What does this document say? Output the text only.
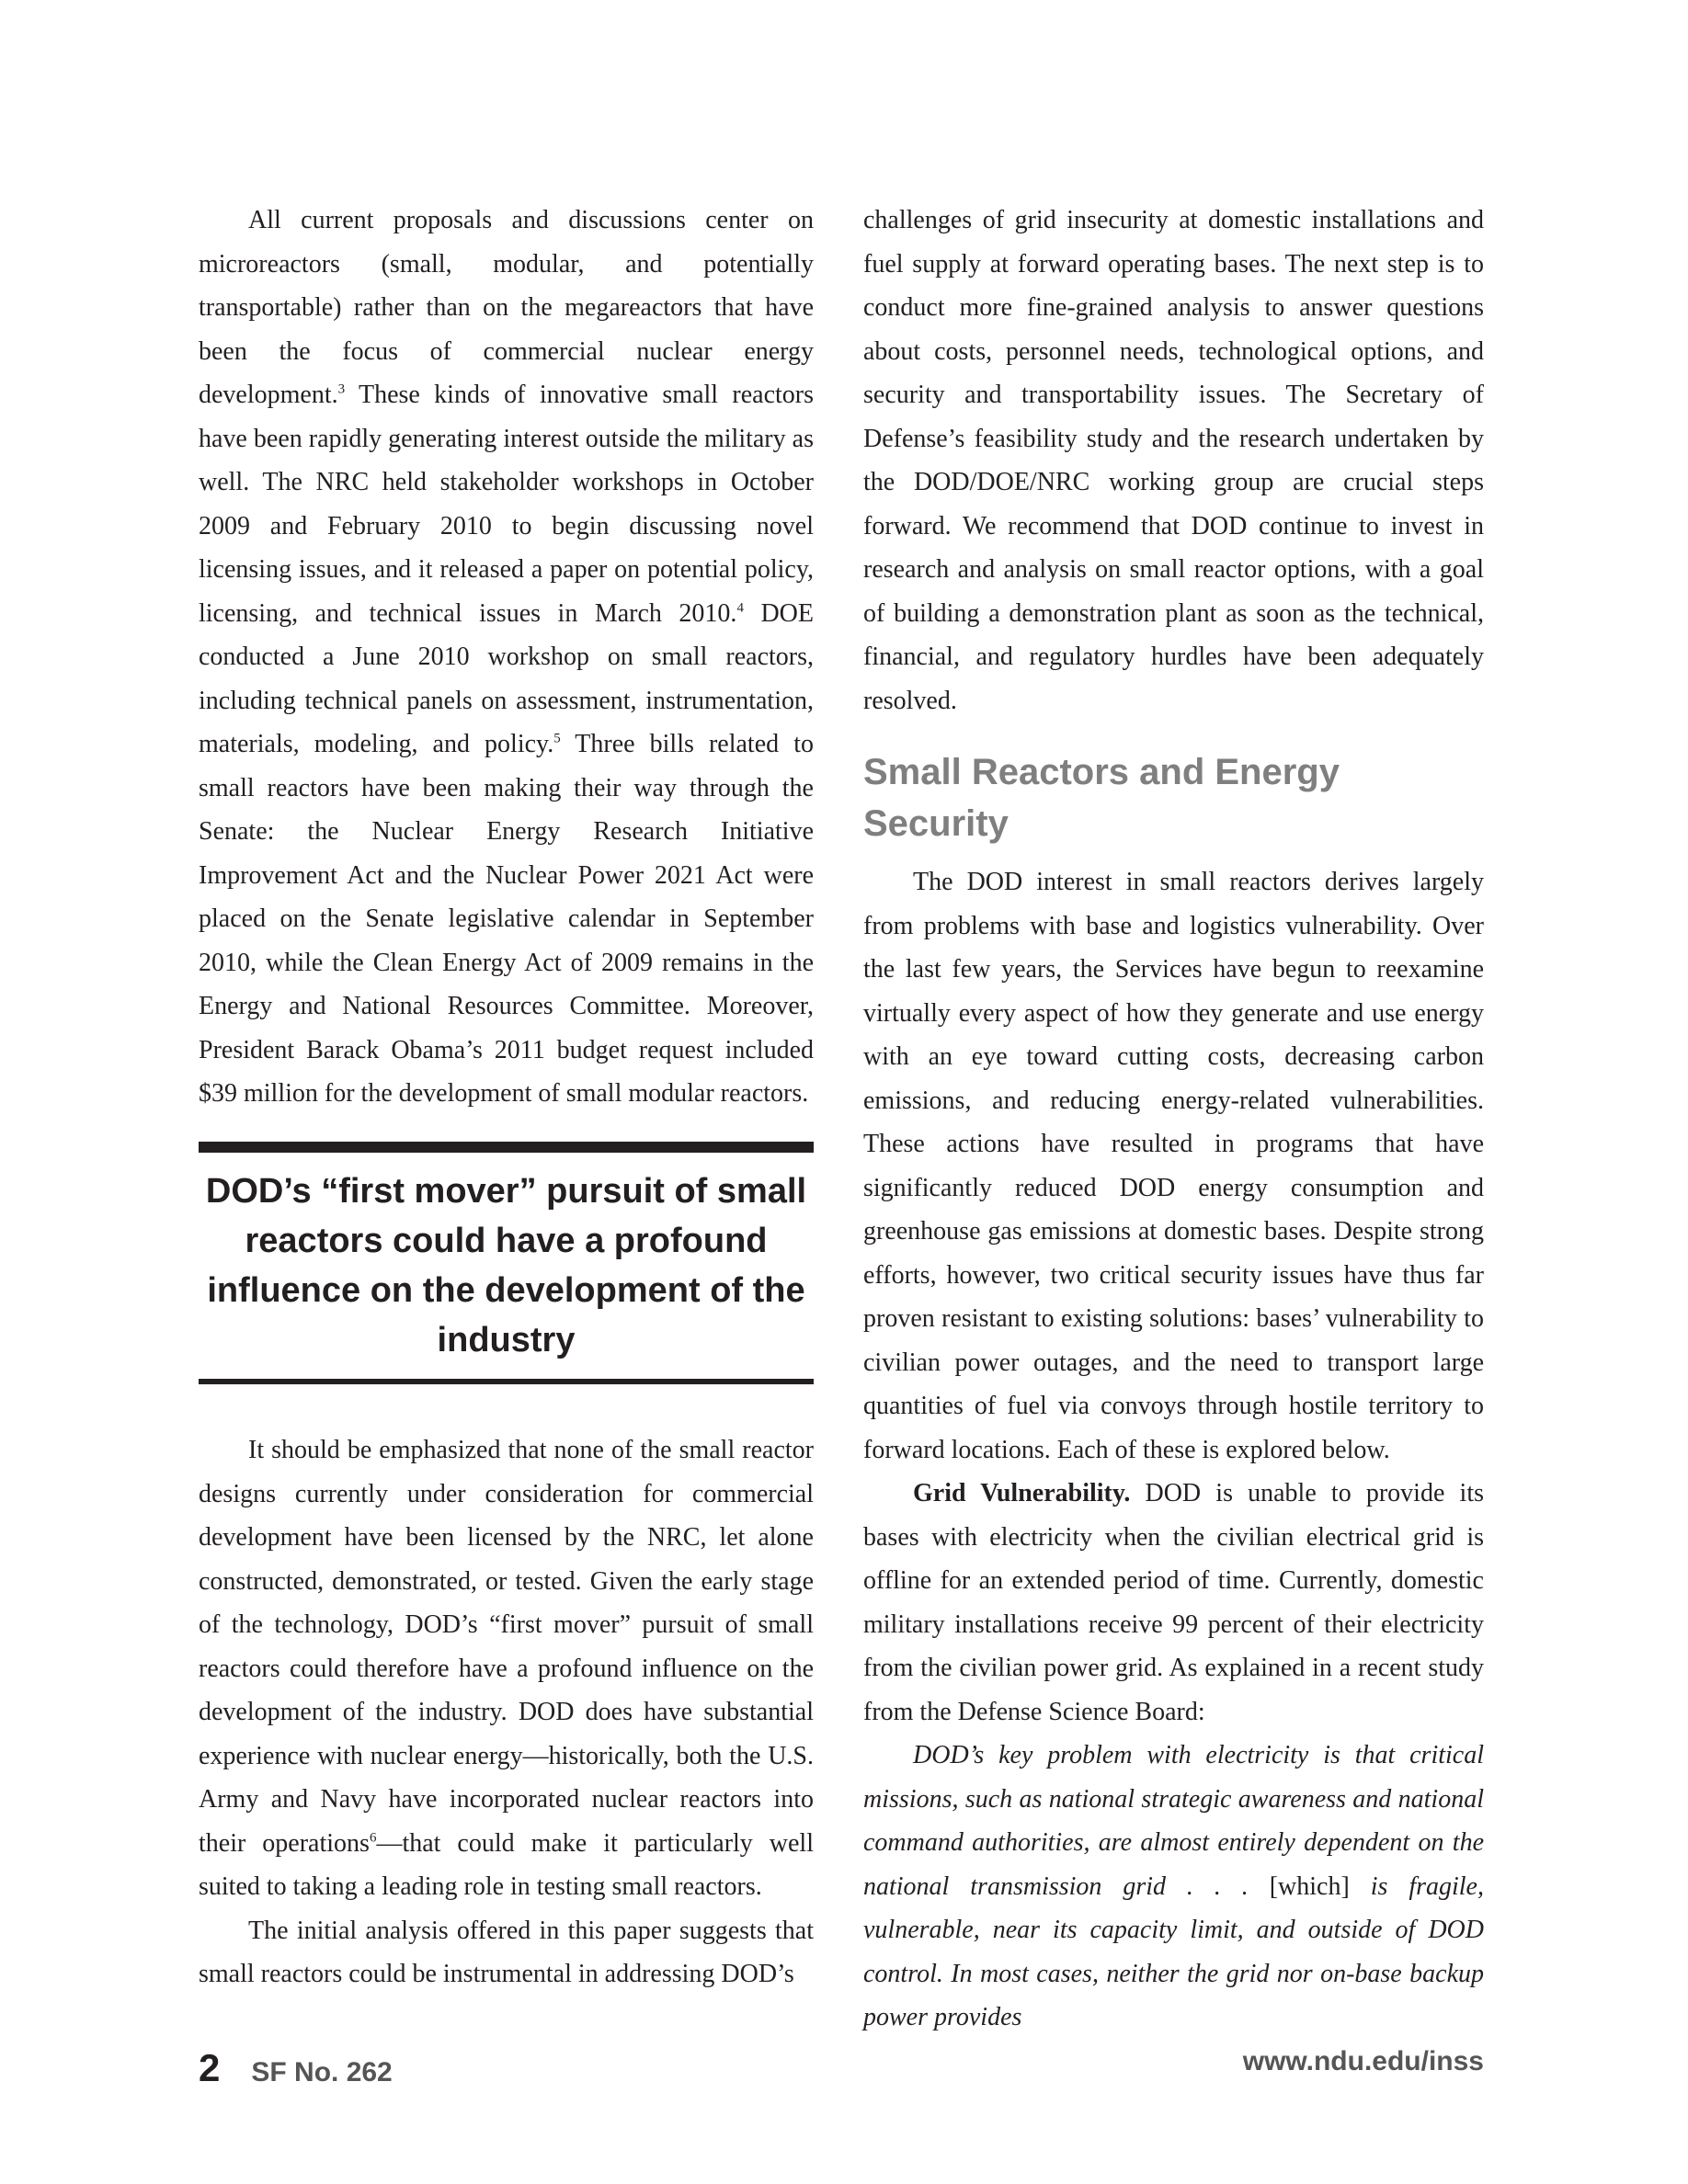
All current proposals and discussions center on microreactors (small, modular, and potentially transportable) rather than on the megareactors that have been the focus of commercial nuclear energy development.$^3$ These kinds of innovative small reactors have been rapidly generating interest outside the military as well. The NRC held stakeholder workshops in October 2009 and February 2010 to begin discussing novel licensing issues, and it released a paper on potential policy, licensing, and technical issues in March 2010.$^4$ DOE conducted a June 2010 workshop on small reactors, including technical panels on assessment, instrumentation, materials, modeling, and policy.$^5$ Three bills related to small reactors have been making their way through the Senate: the Nuclear Energy Research Initiative Improvement Act and the Nuclear Power 2021 Act were placed on the Senate legislative calendar in September 2010, while the Clean Energy Act of 2009 remains in the Energy and National Resources Committee. Moreover, President Barack Obama’s 2011 budget request included $39 million for the development of small modular reactors.

DOD’s “first mover” pursuit of small reactors could have a profound influence on the development of the industry

It should be emphasized that none of the small reactor designs currently under consideration for commercial development have been licensed by the NRC, let alone constructed, demonstrated, or tested. Given the early stage of the technology, DOD’s “first mover” pursuit of small reactors could therefore have a profound influence on the development of the industry. DOD does have substantial experience with nuclear energy—historically, both the U.S. Army and Navy have incorporated nuclear reactors into their operations$^6$—that could make it particularly well suited to taking a leading role in testing small reactors.

The initial analysis offered in this paper suggests that small reactors could be instrumental in addressing DOD’s

challenges of grid insecurity at domestic installations and fuel supply at forward operating bases. The next step is to conduct more fine-grained analysis to answer questions about costs, personnel needs, technological options, and security and transportability issues. The Secretary of Defense’s feasibility study and the research undertaken by the DOD/DOE/NRC working group are crucial steps forward. We recommend that DOD continue to invest in research and analysis on small reactor options, with a goal of building a demonstration plant as soon as the technical, financial, and regulatory hurdles have been adequately resolved.

Small Reactors and Energy Security

The DOD interest in small reactors derives largely from problems with base and logistics vulnerability. Over the last few years, the Services have begun to reexamine virtually every aspect of how they generate and use energy with an eye toward cutting costs, decreasing carbon emissions, and reducing energy-related vulnerabilities. These actions have resulted in programs that have significantly reduced DOD energy consumption and greenhouse gas emissions at domestic bases. Despite strong efforts, however, two critical security issues have thus far proven resistant to existing solutions: bases’ vulnerability to civilian power outages, and the need to transport large quantities of fuel via convoys through hostile territory to forward locations. Each of these is explored below.

Grid Vulnerability. DOD is unable to provide its bases with electricity when the civilian electrical grid is offline for an extended period of time. Currently, domestic military installations receive 99 percent of their electricity from the civilian power grid. As explained in a recent study from the Defense Science Board:

DOD’s key problem with electricity is that critical missions, such as national strategic awareness and national command authorities, are almost entirely dependent on the national transmission grid . . . [which] is fragile, vulnerable, near its capacity limit, and outside of DOD control. In most cases, neither the grid nor on-base backup power provides

2 SF No. 262	www.ndu.edu/inss
